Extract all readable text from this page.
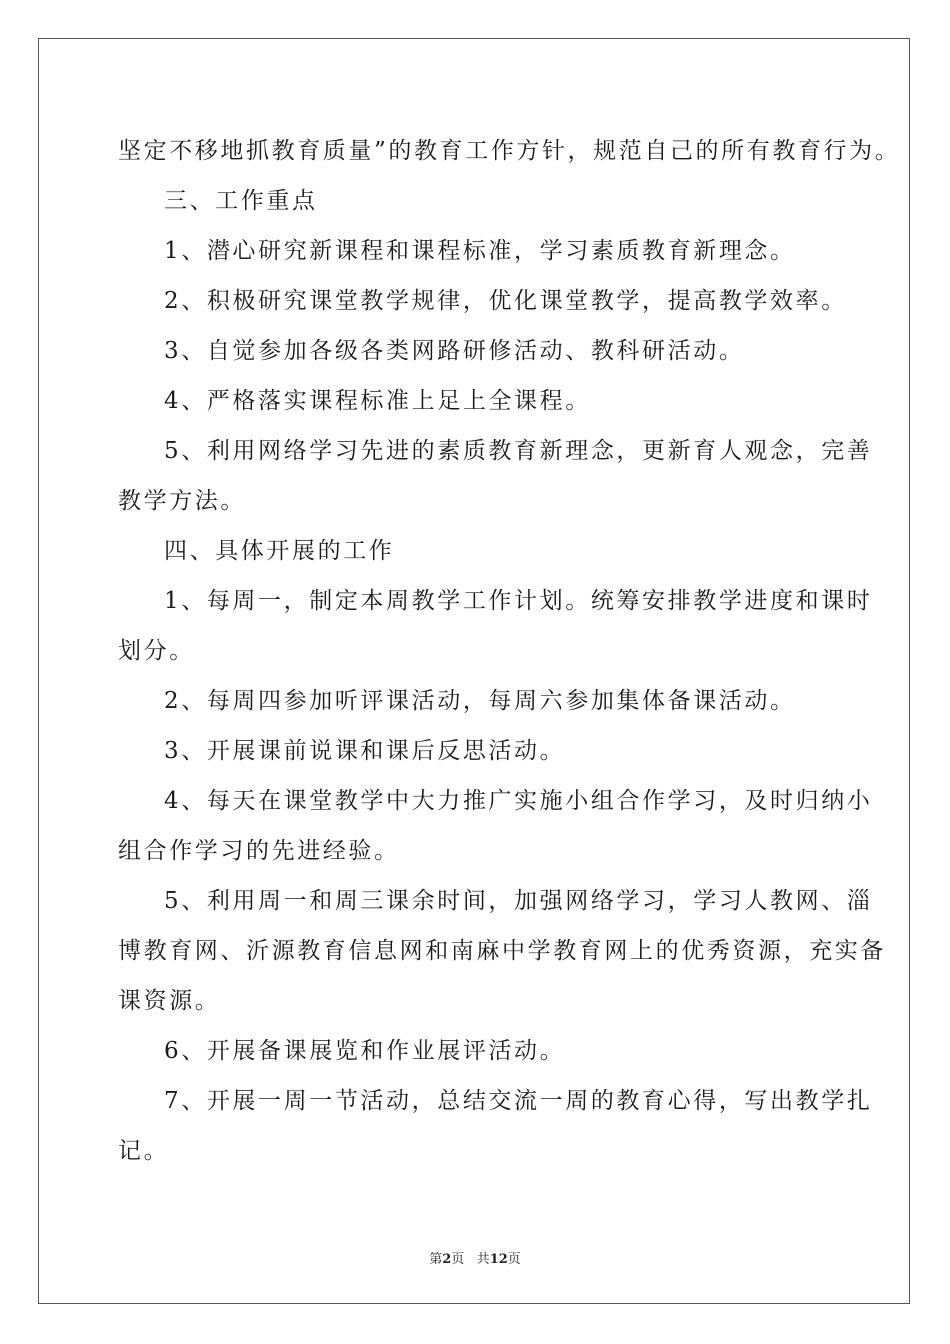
坚定不移地抓教育质量”的教育工作方针，规范自己的所有教育行为。
三、工作重点
1、潜心研究新课程和课程标准，学习素质教育新理念。
2、积极研究课堂教学规律，优化课堂教学，提高教学效率。
3、自觉参加各级各类网路研修活动、教科研活动。
4、严格落实课程标准上足上全课程。
5、利用网络学习先进的素质教育新理念，更新育人观念，完善
教学方法。
四、具体开展的工作
1、每周一，制定本周教学工作计划。统筹安排教学进度和课时
划分。
2、每周四参加听评课活动，每周六参加集体备课活动。
3、开展课前说课和课后反思活动。
4、每天在课堂教学中大力推广实施小组合作学习，及时归纳小
组合作学习的先进经验。
5、利用周一和周三课余时间，加强网络学习，学习人教网、淄
博教育网、沂源教育信息网和南麻中学教育网上的优秀资源，充实备
课资源。
6、开展备课展览和作业展评活动。
7、开展一周一节活动，总结交流一周的教育心得，写出教学扎
记。
第2页 共12页
